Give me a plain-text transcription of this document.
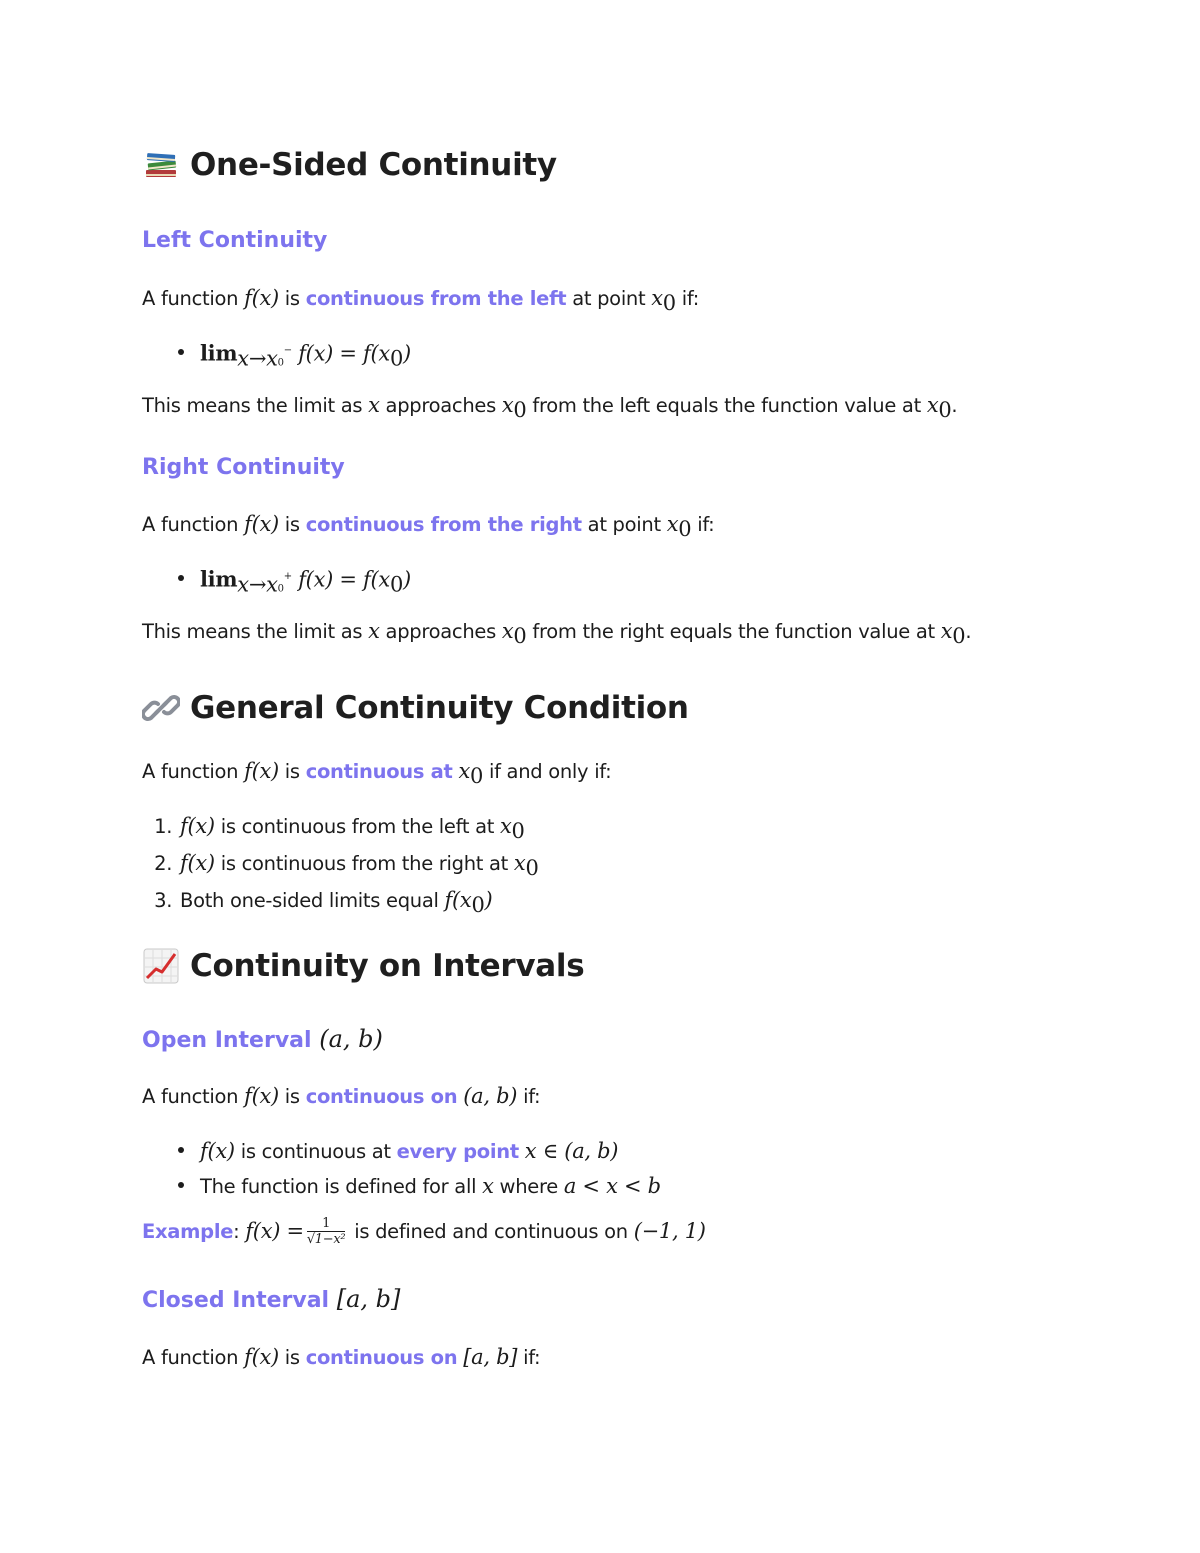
One-Sided Continuity
Left Continuity

A function f(x) is continuous from the left at point $x_0$ if:

$\lim_{x\to x0}^- f(x) = f(x_0)$

This means the limit as x approaches $x_0$ from the left equals the function value at $x_0$.

Right Continuity

A function f(x) is continuous from the right at point $x_0$ if:

$\lim_{x\to x0}^+ f(x) = f(x_0)$

This means the limit as x approaches $x_0$ from the right equals the function value at $x_0$.

General Continuity Condition

A function f(x) is continuous at $x_0$ if and only if:

1. f(x) is continuous from the left at $x_0$
2. f(x) is continuous from the right at $x_0$
3. Both one-sided limits equal $f(x_0)$
Continuity on Intervals
Open Interval (a, b)

A function f(x) is continuous on (a, b) if:

f(x) is continuous at every point x ∈ (a, b)
The function is defined for all x where a < x < b

Example: $f(x) = \frac{1}{\text{√1−x²}}$ is defined and continuous on (−1, 1)

Closed Interval [a, b]

A function f(x) is continuous on [a, b] if:
